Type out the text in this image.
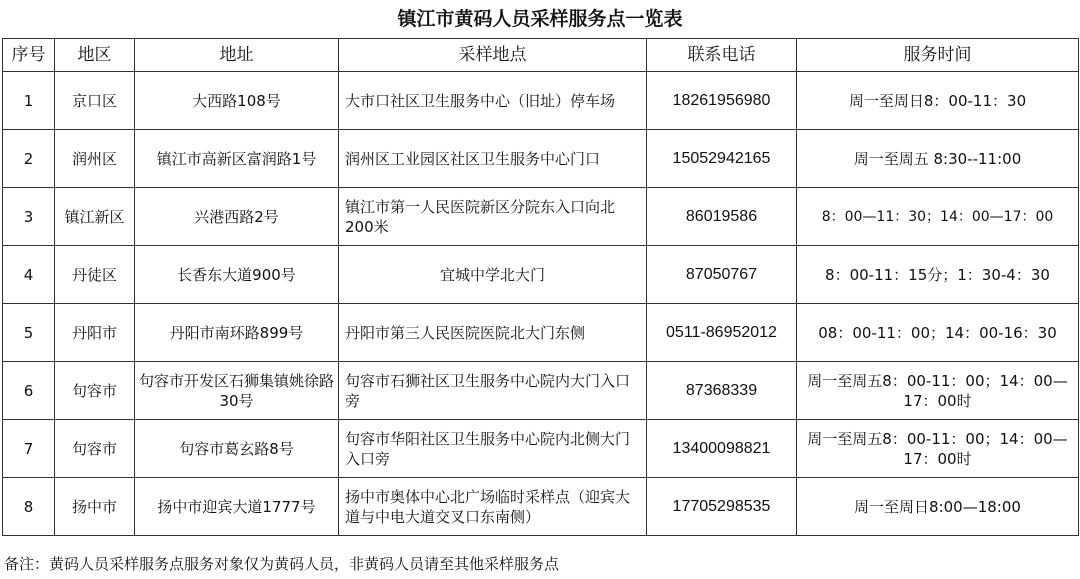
镇江市黄码人员采样服务点一览表
序号	地区	地址	采样地点	联系电话	服务时间
1	京口区	大西路108号	大市口社区卫生服务中心（旧址）停车场	18261956980	周一至周日8：00-11：30
2	润州区	镇江市高新区富润路1号	润州区工业园区社区卫生服务中心门口	15052942165	周一至周五 8:30--11:00
3	镇江新区	兴港西路2号	镇江市第一人民医院新区分院东入口向北200米	86019586	8：00—11：30；14：00—17：00
4	丹徒区	长香东大道900号	宜城中学北大门	87050767	8：00-11：15分；1：30-4：30
5	丹阳市	丹阳市南环路899号	丹阳市第三人民医院医院北大门东侧	0511-86952012	08：00-11：00；14：00-16：30
6	句容市	句容市开发区石狮集镇姚徐路30号	句容市石狮社区卫生服务中心院内大门入口旁	87368339	周一至周五8：00-11：00；14：00—17：00时
7	句容市	句容市葛玄路8号	句容市华阳社区卫生服务中心院内北侧大门入口旁	13400098821	周一至周五8：00-11：00；14：00—17：00时
8	扬中市	扬中市迎宾大道1777号	扬中市奥体中心北广场临时采样点（迎宾大道与中电大道交叉口东南侧）	17705298535	周一至周日8:00—18:00
备注：黄码人员采样服务点服务对象仅为黄码人员，非黄码人员请至其他采样服务点
